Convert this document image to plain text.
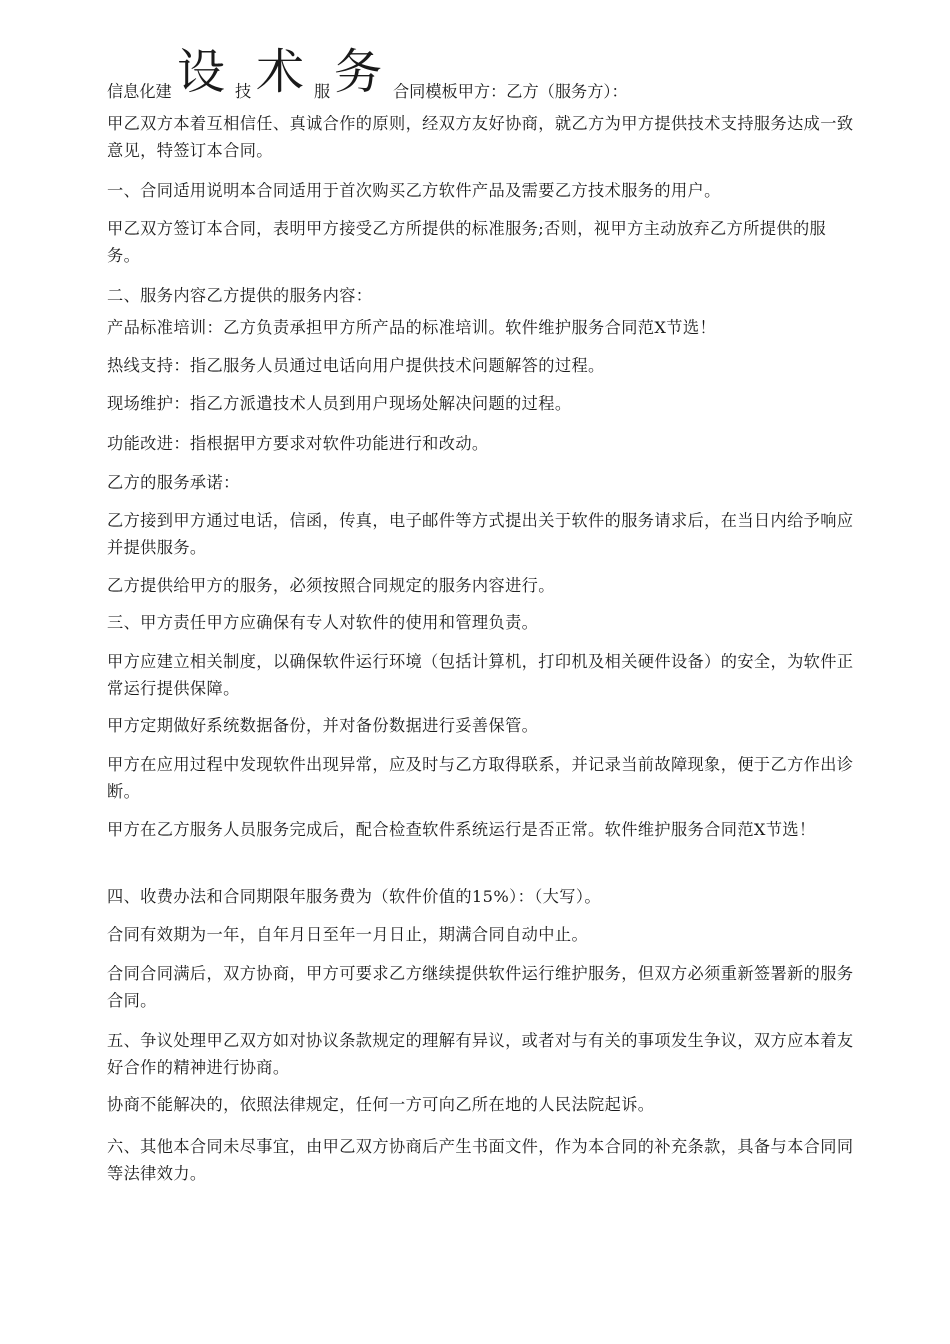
信息化建 设 技 术 服 务 合同模板甲方：乙方（服务方）：

甲乙双方本着互相信任、真诚合作的原则，经双方友好协商，就乙方为甲方提供技术支持服务达成一致意见，特签订本合同。

一、合同适用说明本合同适用于首次购买乙方软件产品及需要乙方技术服务的用户。

甲乙双方签订本合同，表明甲方接受乙方所提供的标准服务;否则，视甲方主动放弃乙方所提供的服务。

二、服务内容乙方提供的服务内容：

产品标准培训：乙方负责承担甲方所产品的标准培训。软件维护服务合同范X节选！

热线支持：指乙服务人员通过电话向用户提供技术问题解答的过程。

现场维护：指乙方派遣技术人员到用户现场处解决问题的过程。

功能改进：指根据甲方要求对软件功能进行和改动。

乙方的服务承诺：

乙方接到甲方通过电话，信函，传真，电子邮件等方式提出关于软件的服务请求后，在当日内给予响应并提供服务。

乙方提供给甲方的服务，必须按照合同规定的服务内容进行。

三、甲方责任甲方应确保有专人对软件的使用和管理负责。

甲方应建立相关制度，以确保软件运行环境（包括计算机，打印机及相关硬件设备）的安全，为软件正常运行提供保障。

甲方定期做好系统数据备份，并对备份数据进行妥善保管。

甲方在应用过程中发现软件出现异常，应及时与乙方取得联系，并记录当前故障现象，便于乙方作出诊断。

甲方在乙方服务人员服务完成后，配合检查软件系统运行是否正常。软件维护服务合同范X节选！

四、收费办法和合同期限年服务费为（软件价值的15%）：（大写）。

合同有效期为一年，自年月日至年一月日止，期满合同自动中止。

合同合同满后，双方协商，甲方可要求乙方继续提供软件运行维护服务，但双方必须重新签署新的服务合同。

五、争议处理甲乙双方如对协议条款规定的理解有异议，或者对与有关的事项发生争议，双方应本着友好合作的精神进行协商。

协商不能解决的，依照法律规定，任何一方可向乙所在地的人民法院起诉。

六、其他本合同未尽事宜，由甲乙双方协商后产生书面文件，作为本合同的补充条款，具备与本合同同等法律效力。
